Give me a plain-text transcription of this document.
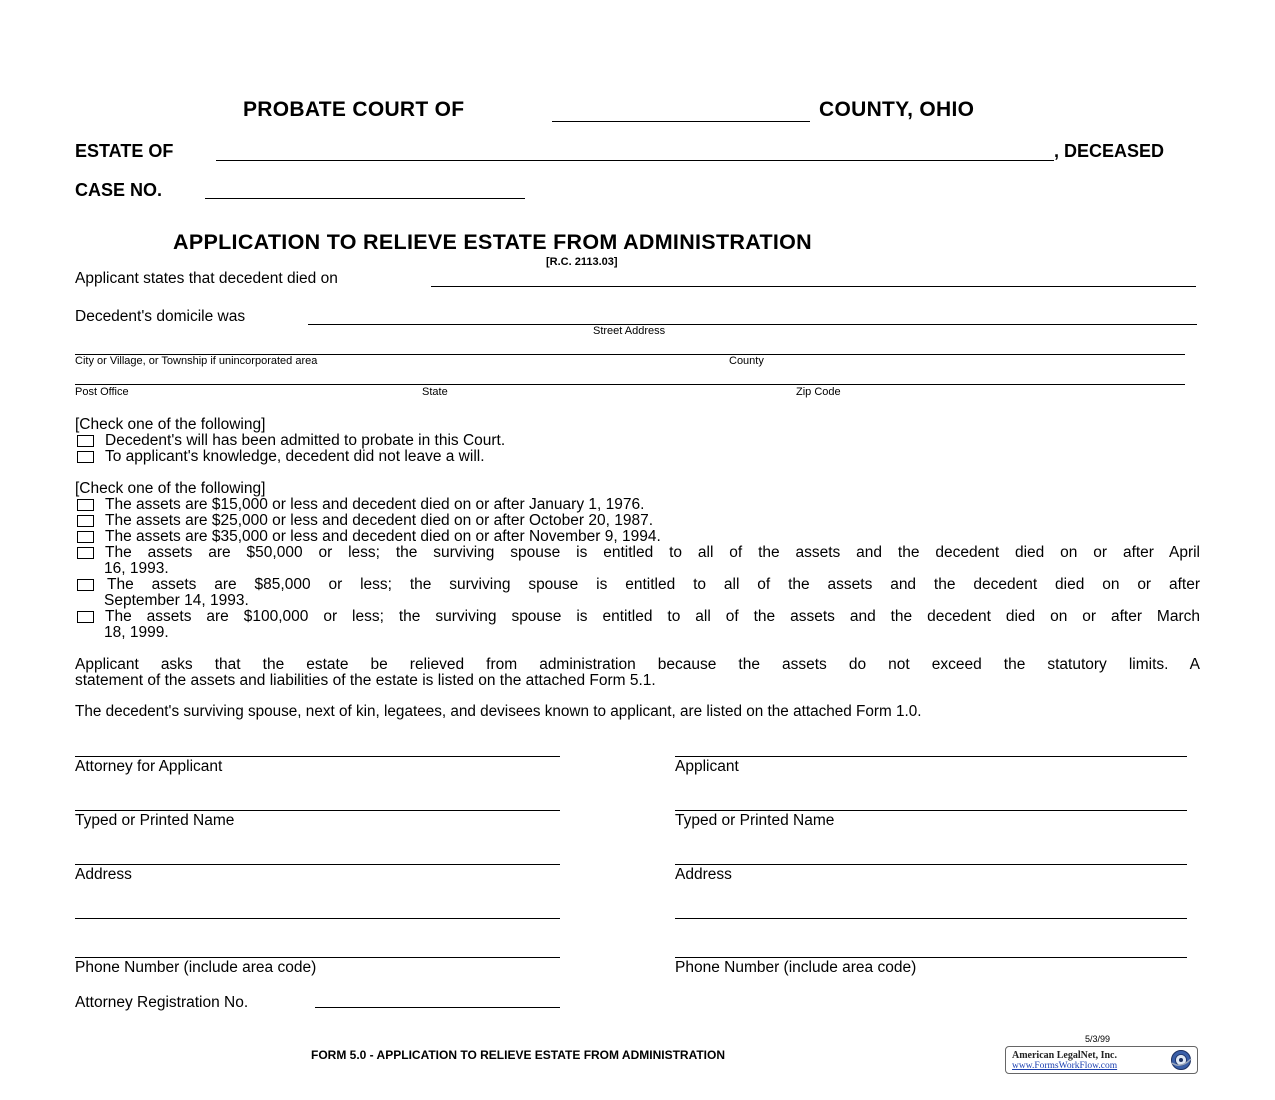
PROBATE COURT OF	COUNTY, OHIO
ESTATE OF	, DECEASED
CASE NO.
APPLICATION TO RELIEVE ESTATE FROM ADMINISTRATION
[R.C. 2113.03]
Applicant states that decedent died on
Decedent's domicile was
Street Address
City or Village, or Township if unincorporated area	County
Post Office	State	Zip Code
[Check one of the following]
Decedent's will has been admitted to probate in this Court.
To applicant's knowledge, decedent did not leave a will.
[Check one of the following]
The assets are $15,000 or less and decedent died on or after January 1, 1976.
The assets are $25,000 or less and decedent died on or after October 20, 1987.
The assets are $35,000 or less and decedent died on or after November 9, 1994.
The assets are $50,000 or less; the surviving spouse is entitled to all of the assets and the decedent died on or after April
16, 1993.
The assets are $85,000 or less; the surviving spouse is entitled to all of the assets and the decedent died on or after
September 14, 1993.
The assets are $100,000 or less; the surviving spouse is entitled to all of the assets and the decedent died on or after March
18, 1999.
Applicant asks that the estate be relieved from administration because the assets do not exceed the statutory limits. A
statement of the assets and liabilities of the estate is listed on the attached Form 5.1.
The decedent's surviving spouse, next of kin, legatees, and devisees known to applicant, are listed on the attached Form 1.0.
Attorney for Applicant
Typed or Printed Name
Address
Phone Number (include area code)
Attorney Registration No.
Applicant
Typed or Printed Name
Address
Phone Number (include area code)
5/3/99
FORM 5.0 - APPLICATION TO RELIEVE ESTATE FROM ADMINISTRATION	American LegalNet, Inc.
www.FormsWorkFlow.com
